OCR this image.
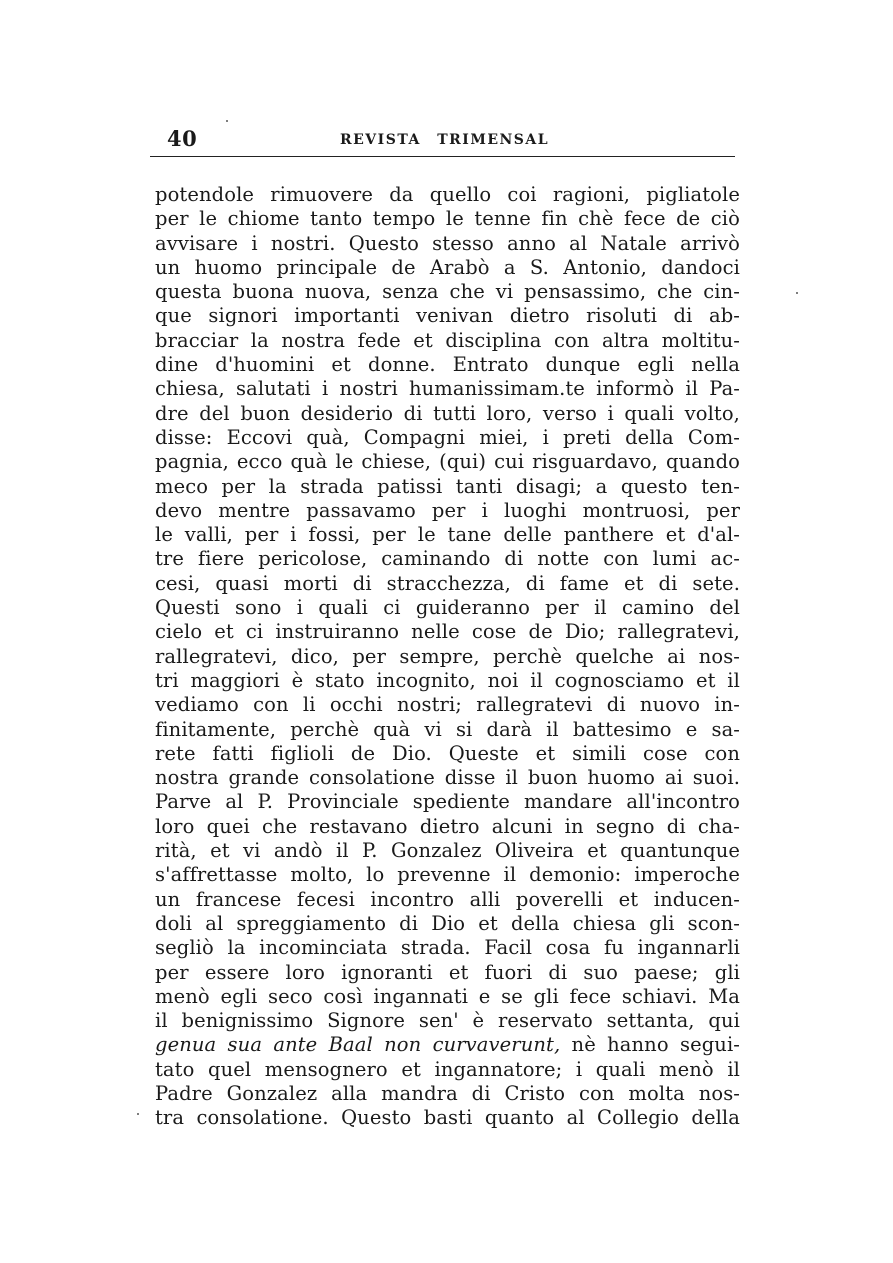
40	REVISTA TRIMENSAL
potendole rimuovere da quello coi ragioni, pigliatole
per le chiome tanto tempo le tenne fin chè fece de ciò
avvisare i nostri. Questo stesso anno al Natale arrivò
un huomo principale de Arabò a S. Antonio, dandoci
questa buona nuova, senza che vi pensassimo, che cin-
que signori importanti venivan dietro risoluti di ab-
bracciar la nostra fede et disciplina con altra moltitu-
dine d'huomini et donne. Entrato dunque egli nella
chiesa, salutati i nostri humanissimam.te informò il Pa-
dre del buon desiderio di tutti loro, verso i quali volto,
disse: Eccovi quà, Compagni miei, i preti della Com-
pagnia, ecco quà le chiese, (qui) cui risguardavo, quando
meco per la strada patissi tanti disagi; a questo ten-
devo mentre passavamo per i luoghi montruosi, per
le valli, per i fossi, per le tane delle panthere et d'al-
tre fiere pericolose, caminando di notte con lumi ac-
cesi, quasi morti di stracchezza, di fame et di sete.
Questi sono i quali ci guideranno per il camino del
cielo et ci instruiranno nelle cose de Dio; rallegratevi,
rallegratevi, dico, per sempre, perchè quelche ai nos-
tri maggiori è stato incognito, noi il cognosciamo et il
vediamo con li occhi nostri; rallegratevi di nuovo in-
finitamente, perchè quà vi si darà il battesimo e sa-
rete fatti figlioli de Dio. Queste et simili cose con
nostra grande consolatione disse il buon huomo ai suoi.
Parve al P. Provinciale spediente mandare all'incontro
loro quei che restavano dietro alcuni in segno di cha-
rità, et vi andò il P. Gonzalez Oliveira et quantunque
s'affrettasse molto, lo prevenne il demonio: imperoche
un francese fecesi incontro alli poverelli et inducen-
doli al spreggiamento di Dio et della chiesa gli scon-
segliò la incominciata strada. Facil cosa fu ingannarli
per essere loro ignoranti et fuori di suo paese; gli
menò egli seco così ingannati e se gli fece schiavi. Ma
il benignissimo Signore sen' è reservato settanta, qui
genua sua ante Baal non curvaverunt, nè hanno segui-
tato quel mensognero et ingannatore; i quali menò il
Padre Gonzalez alla mandra di Cristo con molta nos-
tra consolatione. Questo basti quanto al Collegio della
